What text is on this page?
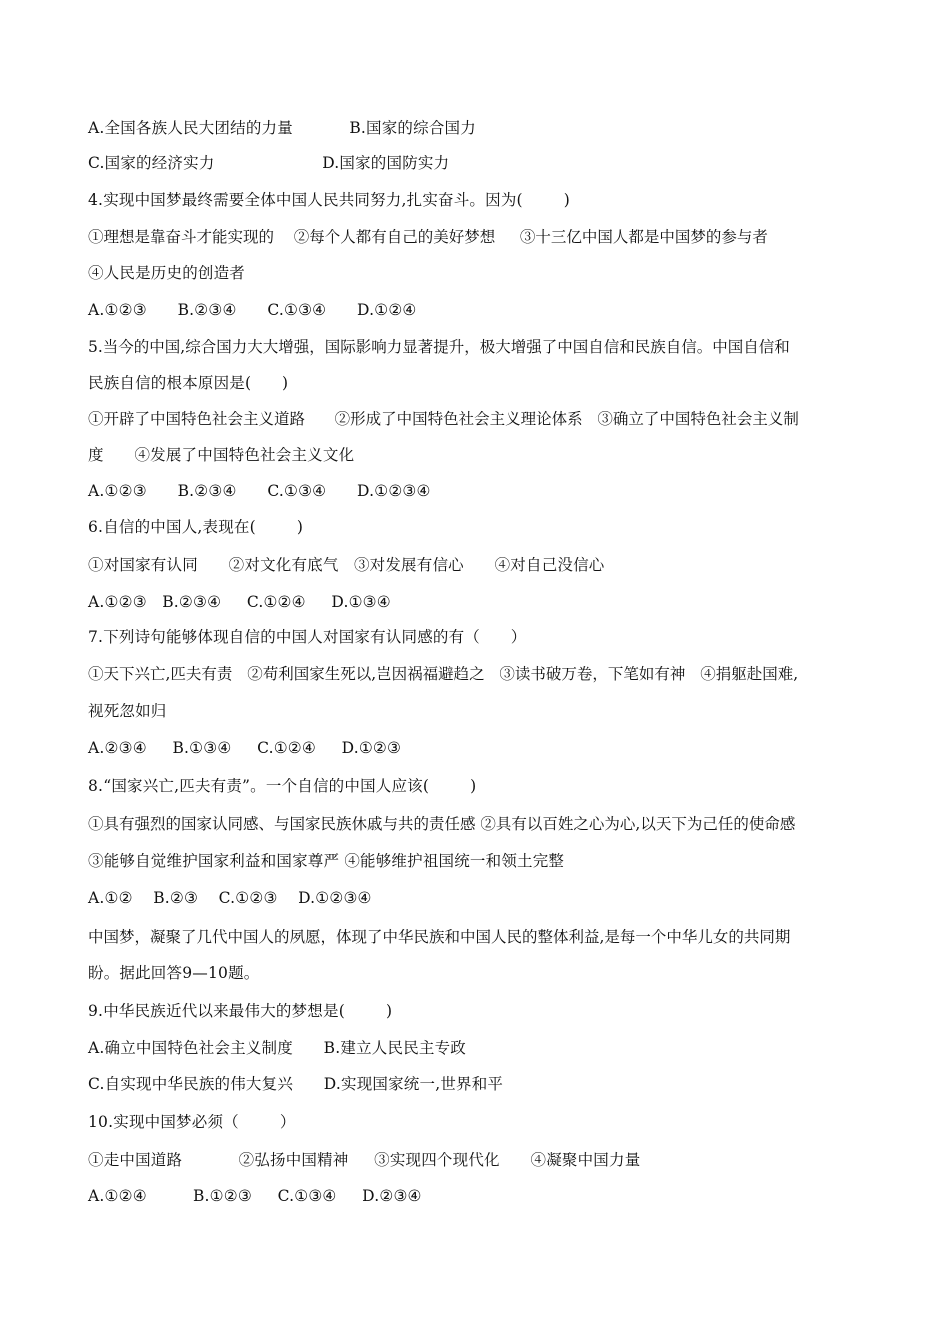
A.全国各族人民大团结的力量           B.国家的综合国力
C.国家的经济实力                     D.国家的国防实力
4.实现中国梦最终需要全体中国人民共同努力,扎实奋斗。因为(        )
①理想是靠奋斗才能实现的    ②每个人都有自己的美好梦想     ③十三亿中国人都是中国梦的参与者
④人民是历史的创造者
A.①②③      B.②③④      C.①③④      D.①②④
5.当今的中国,综合国力大大增强，国际影响力显著提升，极大增强了中国自信和民族自信。中国自信和
民族自信的根本原因是(      )
①开辟了中国特色社会主义道路      ②形成了中国特色社会主义理论体系   ③确立了中国特色社会主义制
度      ④发展了中国特色社会主义文化
A.①②③      B.②③④      C.①③④      D.①②③④
6.自信的中国人,表现在(        )
①对国家有认同      ②对文化有底气   ③对发展有信心      ④对自己没信心
A.①②③   B.②③④     C.①②④     D.①③④
7.下列诗句能够体现自信的中国人对国家有认同感的有（      ）
①天下兴亡,匹夫有责   ②苟利国家生死以,岂因祸福避趋之   ③读书破万卷，下笔如有神   ④捐躯赴国难,
视死忽如归
A.②③④     B.①③④     C.①②④     D.①②③
8.“国家兴亡,匹夫有责”。一个自信的中国人应该(        )
①具有强烈的国家认同感、与国家民族休戚与共的责任感 ②具有以百姓之心为心,以天下为己任的使命感
③能够自觉维护国家利益和国家尊严 ④能够维护祖国统一和领土完整
A.①②    B.②③    C.①②③    D.①②③④
中国梦，凝聚了几代中国人的夙愿，体现了中华民族和中国人民的整体利益,是每一个中华儿女的共同期
盼。据此回答9—10题。
9.中华民族近代以来最伟大的梦想是(        )
A.确立中国特色社会主义制度      B.建立人民民主专政
C.自实现中华民族的伟大复兴      D.实现国家统一,世界和平
10.实现中国梦必须（        ）
①走中国道路           ②弘扬中国精神     ③实现四个现代化      ④凝聚中国力量
A.①②④         B.①②③     C.①③④     D.②③④
